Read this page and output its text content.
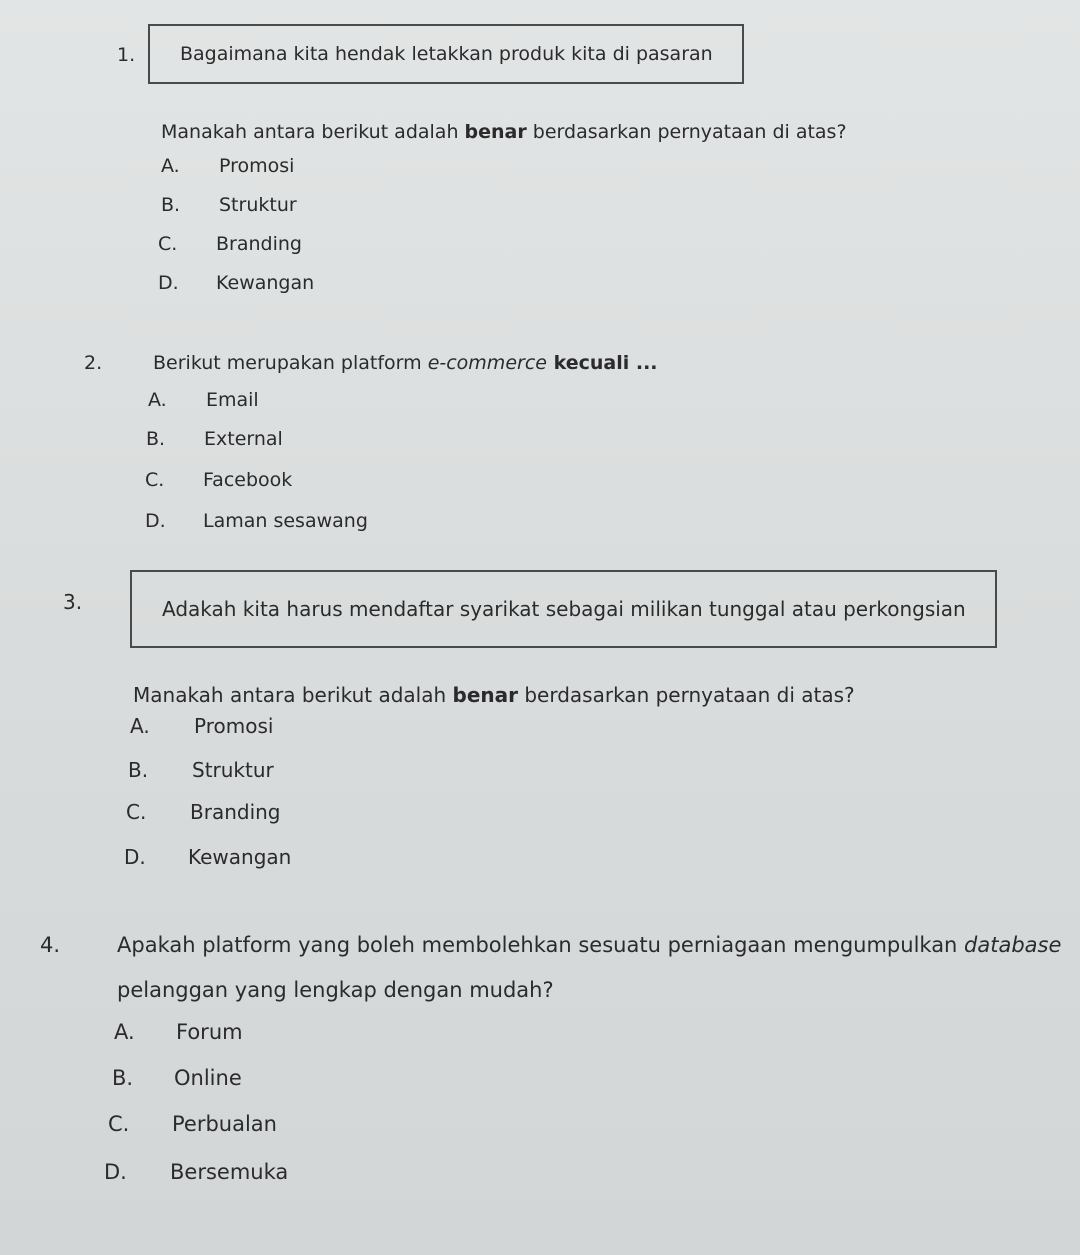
1. Bagaimana kita hendak letakkan produk kita di pasaran
Manakah antara berikut adalah benar berdasarkan pernyataan di atas?
A.	Promosi
B.	Struktur
C.	Branding
D.	Kewangan
2.	Berikut merupakan platform e-commerce kecuali ...
A.	Email
B.	External
C.	Facebook
D.	Laman sesawang
3.	Adakah kita harus mendaftar syarikat sebagai milikan tunggal atau perkongsian
Manakah antara berikut adalah benar berdasarkan pernyataan di atas?
A.	Promosi
B.	Struktur
C.	Branding
D.	Kewangan
4.	Apakah platform yang boleh membolehkan sesuatu perniagaan mengumpulkan database
pelanggan yang lengkap dengan mudah?
A.	Forum
B.	Online
C.	Perbualan
D.	Bersemuka
